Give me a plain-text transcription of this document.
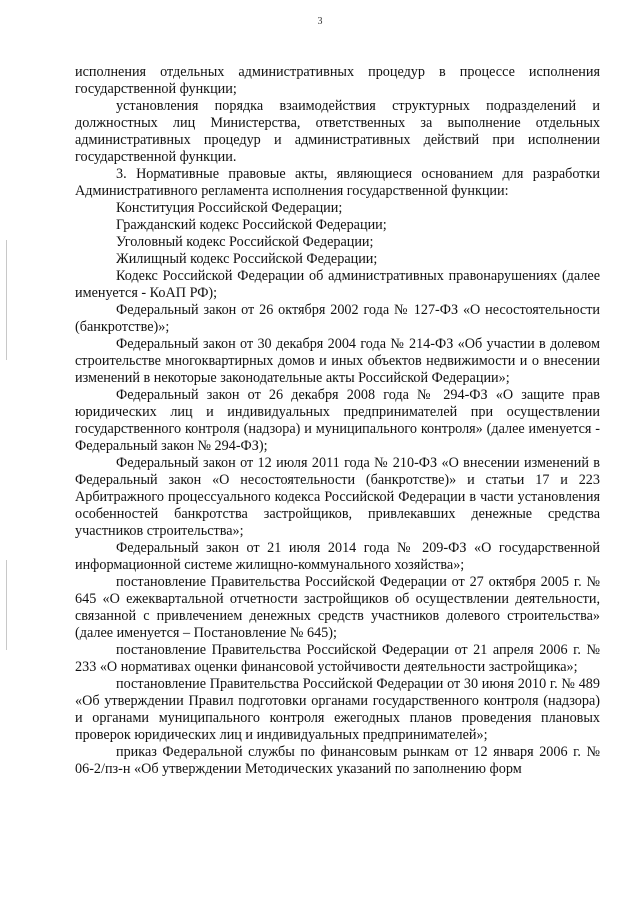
3

исполнения отдельных административных процедур в процессе исполнения государственной функции;

установления порядка взаимодействия структурных подразделений и должностных лиц Министерства, ответственных за выполнение отдельных административных процедур и административных действий при исполнении государственной функции.

3. Нормативные правовые акты, являющиеся основанием для разработки Административного регламента исполнения государственной функции:

Конституция Российской Федерации;

Гражданский кодекс Российской Федерации;

Уголовный кодекс Российской Федерации;

Жилищный кодекс Российской Федерации;

Кодекс Российской Федерации об административных правонарушениях (далее именуется - КоАП РФ);

Федеральный закон от 26 октября 2002 года № 127-ФЗ «О несостоятельности (банкротстве)»;

Федеральный закон от 30 декабря 2004 года № 214-ФЗ «Об участии в долевом строительстве многоквартирных домов и иных объектов недвижимости и о внесении изменений в некоторые законодательные акты Российской Федерации»;

Федеральный закон от 26 декабря 2008 года № 294-ФЗ «О защите прав юридических лиц и индивидуальных предпринимателей при осуществлении государственного контроля (надзора) и муниципального контроля» (далее именуется - Федеральный закон № 294-ФЗ);

Федеральный закон от 12 июля 2011 года № 210-ФЗ «О внесении изменений в Федеральный закон «О несостоятельности (банкротстве)» и статьи 17 и 223 Арбитражного процессуального кодекса Российской Федерации в части установления особенностей банкротства застройщиков, привлекавших денежные средства участников строительства»;

Федеральный закон от 21 июля 2014 года № 209-ФЗ «О государственной информационной системе жилищно-коммунального хозяйства»;

постановление Правительства Российской Федерации от 27 октября 2005 г. № 645 «О ежеквартальной отчетности застройщиков об осуществлении деятельности, связанной с привлечением денежных средств участников долевого строительства» (далее именуется – Постановление № 645);

постановление Правительства Российской Федерации от 21 апреля 2006 г. № 233 «О нормативах оценки финансовой устойчивости деятельности застройщика»;

постановление Правительства Российской Федерации от 30 июня 2010 г. № 489 «Об утверждении Правил подготовки органами государственного контроля (надзора) и органами муниципального контроля ежегодных планов проведения плановых проверок юридических лиц и индивидуальных предпринимателей»;

приказ Федеральной службы по финансовым рынкам от 12 января 2006 г. № 06-2/пз-н «Об утверждении Методических указаний по заполнению форм
